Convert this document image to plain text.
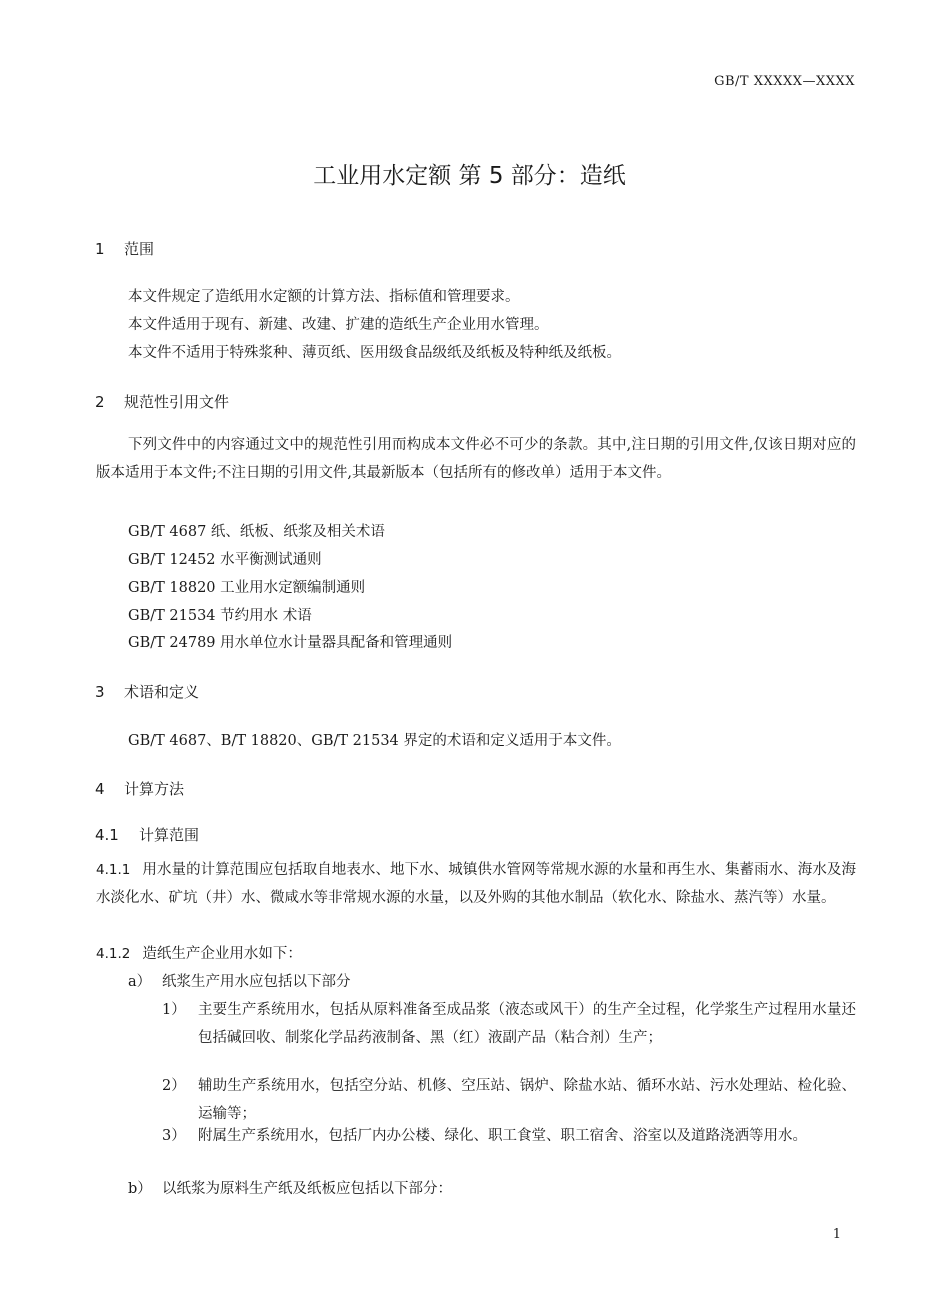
GB/T XXXXX—XXXX
工业用水定额 第 5 部分：造纸
1 范围
本文件规定了造纸用水定额的计算方法、指标值和管理要求。
本文件适用于现有、新建、改建、扩建的造纸生产企业用水管理。
本文件不适用于特殊浆种、薄页纸、医用级食品级纸及纸板及特种纸及纸板。
2 规范性引用文件
下列文件中的内容通过文中的规范性引用而构成本文件必不可少的条款。其中,注日期的引用文件,仅该日期对应的版本适用于本文件;不注日期的引用文件,其最新版本（包括所有的修改单）适用于本文件。
GB/T 4687 纸、纸板、纸浆及相关术语
GB/T 12452 水平衡测试通则
GB/T 18820 工业用水定额编制通则
GB/T 21534 节约用水 术语
GB/T 24789 用水单位水计量器具配备和管理通则
3 术语和定义
GB/T 4687、B/T 18820、GB/T 21534 界定的术语和定义适用于本文件。
4 计算方法
4.1 计算范围
4.1.1 用水量的计算范围应包括取自地表水、地下水、城镇供水管网等常规水源的水量和再生水、集蓄雨水、海水及海水淡化水、矿坑（井）水、微咸水等非常规水源的水量，以及外购的其他水制品（软化水、除盐水、蒸汽等）水量。
4.1.2 造纸生产企业用水如下：
a） 纸浆生产用水应包括以下部分
1） 主要生产系统用水，包括从原料准备至成品浆（液态或风干）的生产全过程，化学浆生产过程用水量还包括碱回收、制浆化学品药液制备、黑（红）液副产品（粘合剂）生产；
2） 辅助生产系统用水，包括空分站、机修、空压站、锅炉、除盐水站、循环水站、污水处理站、检化验、运输等；
3） 附属生产系统用水，包括厂内办公楼、绿化、职工食堂、职工宿舍、浴室以及道路浇洒等用水。
b） 以纸浆为原料生产纸及纸板应包括以下部分：
1
